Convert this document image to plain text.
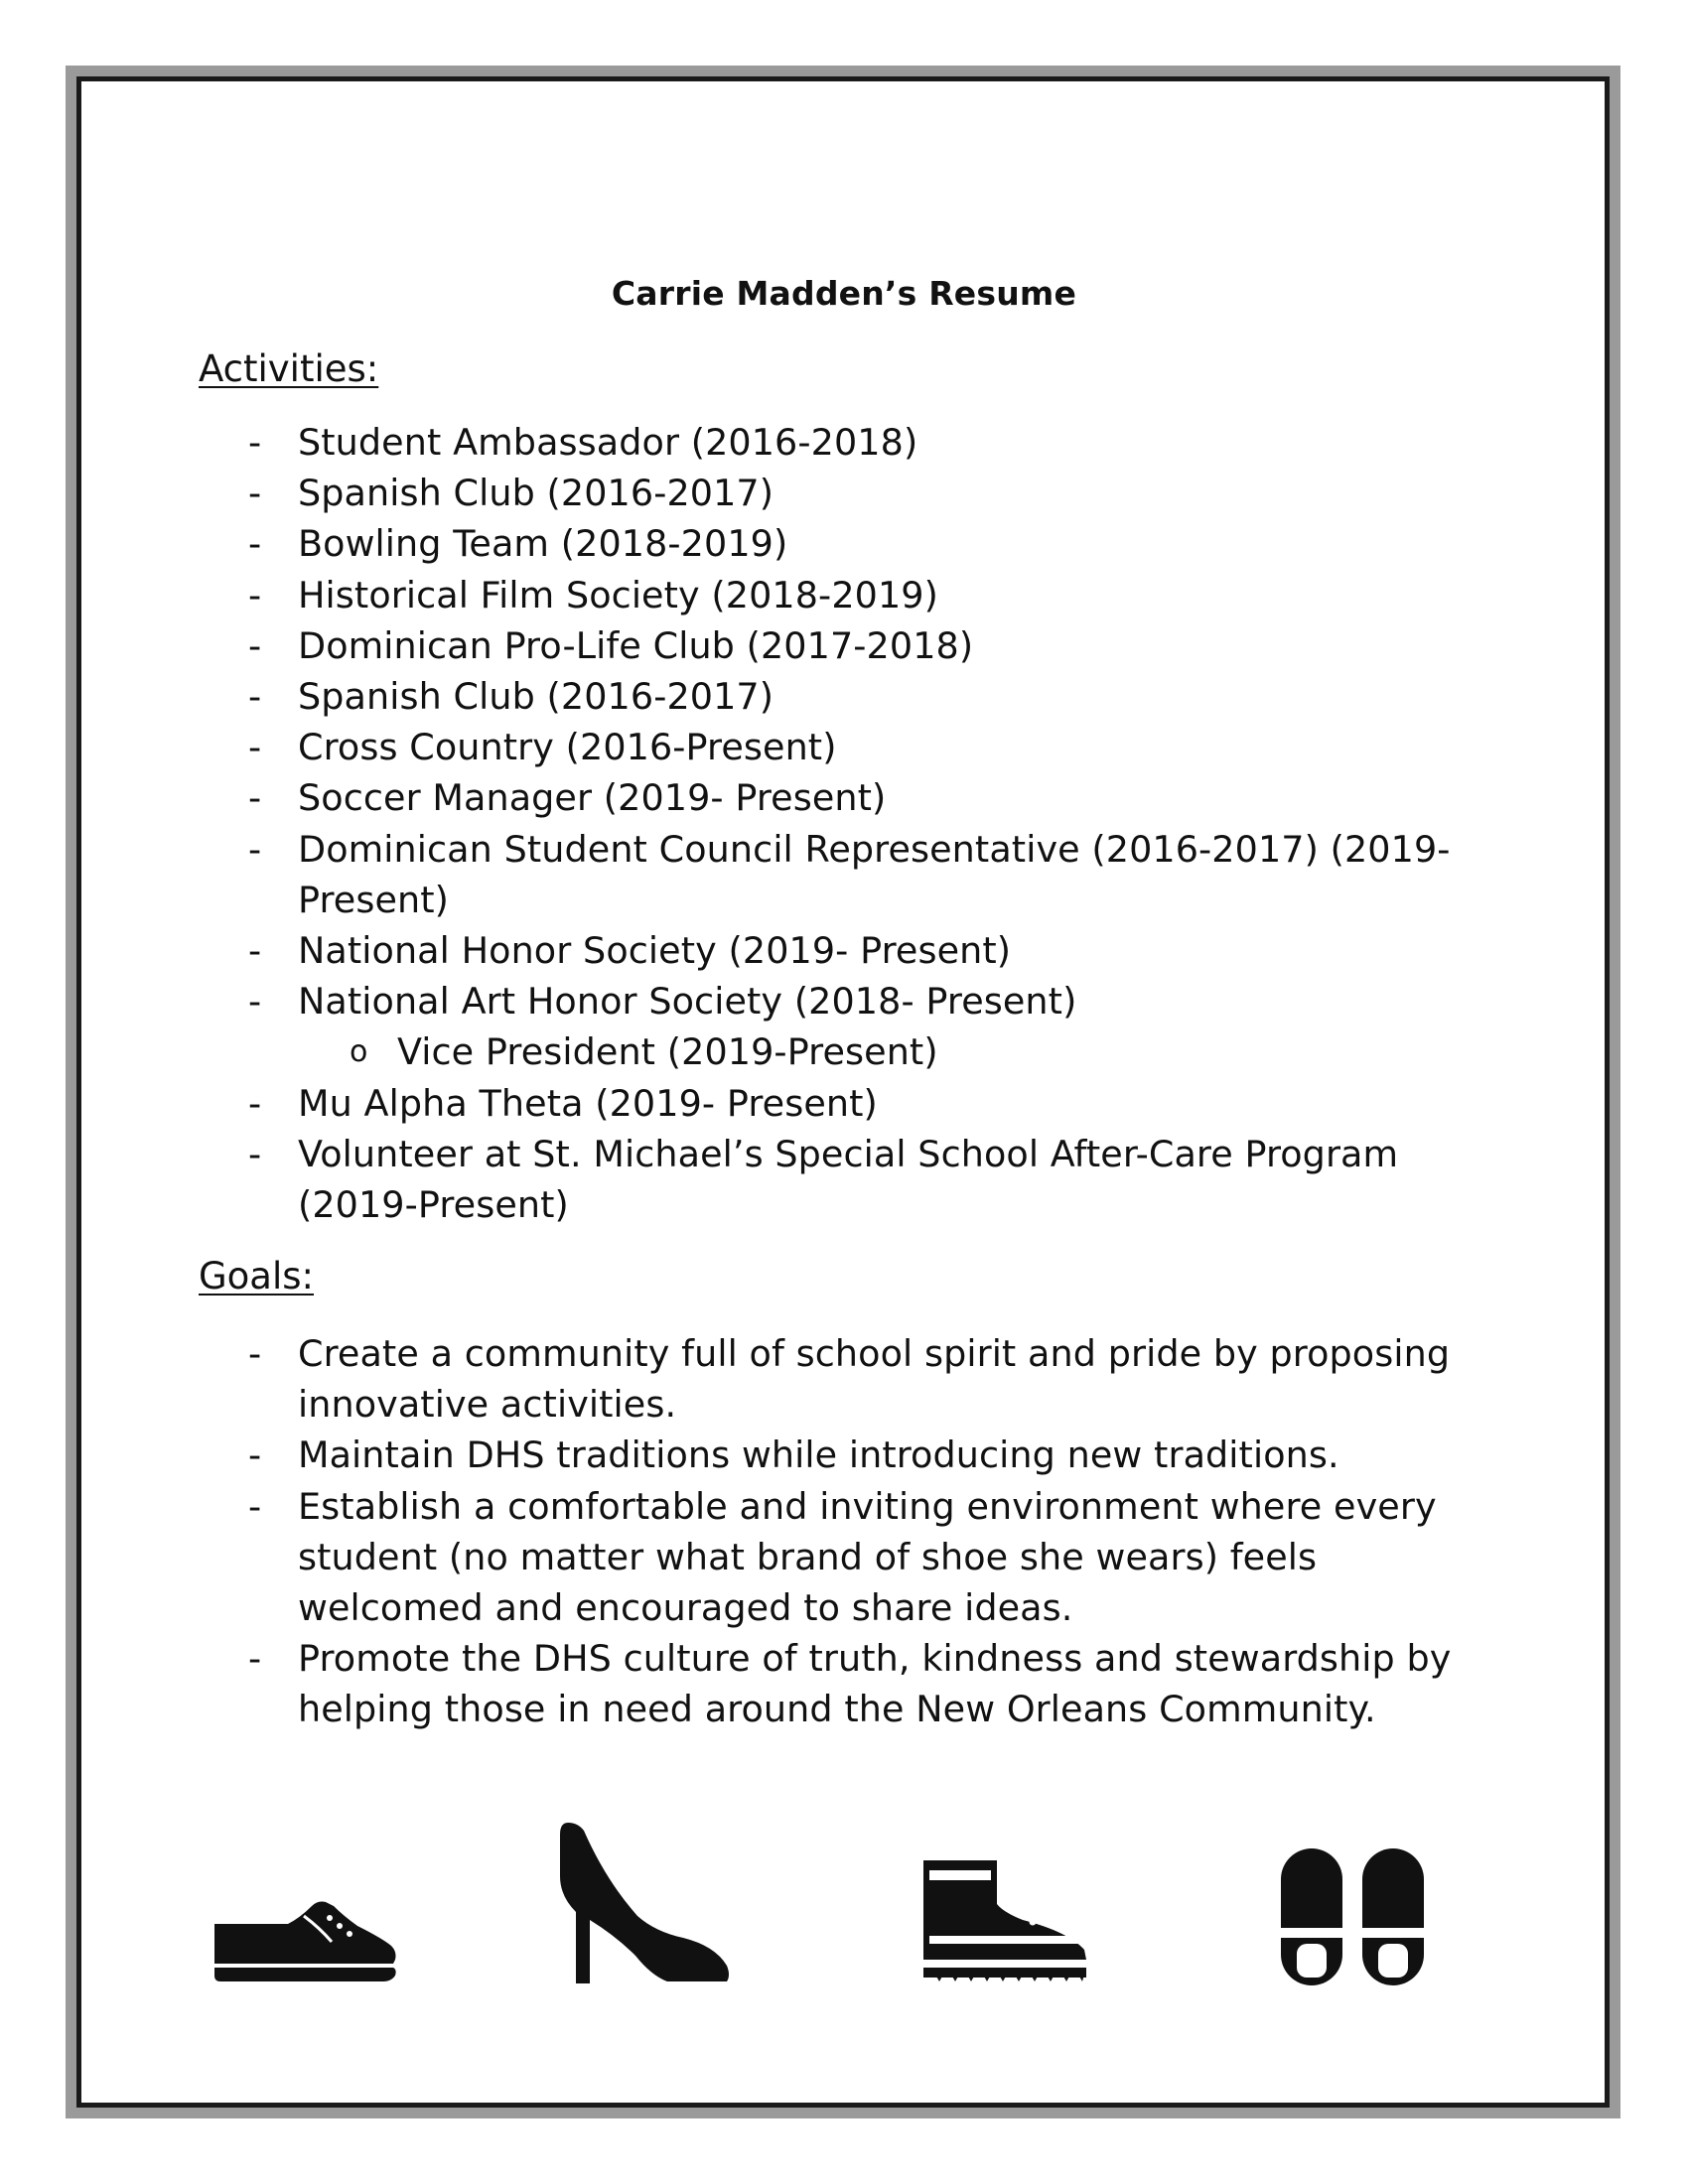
Carrie Madden’s Resume
Activities:
- Student Ambassador (2016-2018)
- Spanish Club (2016-2017)
- Bowling Team (2018-2019)
- Historical Film Society (2018-2019)
- Dominican Pro-Life Club (2017-2018)
- Spanish Club (2016-2017)
- Cross Country (2016-Present)
- Soccer Manager (2019- Present)
- Dominican Student Council Representative (2016-2017) (2019-Present)
- National Honor Society (2019- Present)
- National Art Honor Society (2018- Present)
o Vice President (2019-Present)
- Mu Alpha Theta (2019- Present)
- Volunteer at St. Michael’s Special School After-Care Program (2019-Present)
Goals:
- Create a community full of school spirit and pride by proposing innovative activities.
- Maintain DHS traditions while introducing new traditions.
- Establish a comfortable and inviting environment where every student (no matter what brand of shoe she wears) feels welcomed and encouraged to share ideas.
- Promote the DHS culture of truth, kindness and stewardship by helping those in need around the New Orleans Community.
